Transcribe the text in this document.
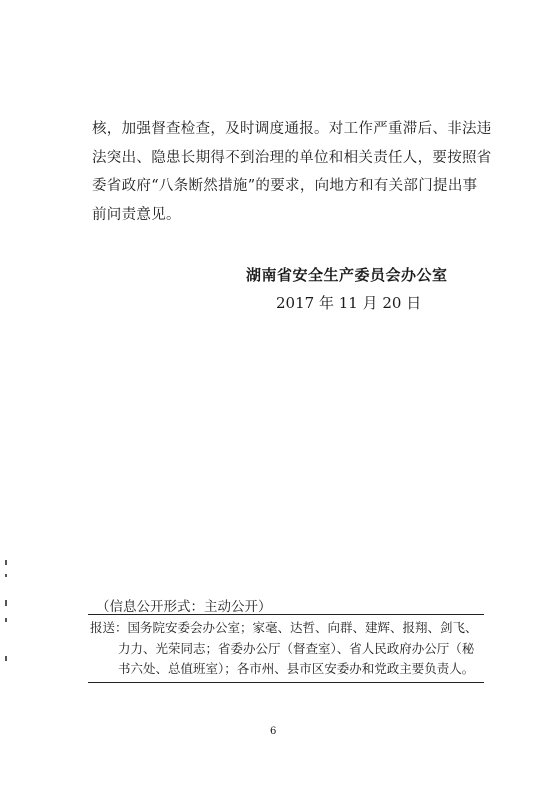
核，加强督查检查，及时调度通报。对工作严重滞后、非法违
法突出、隐患长期得不到治理的单位和相关责任人，要按照省
委省政府“八条断然措施”的要求，向地方和有关部门提出事
前问责意见。
湖南省安全生产委员会办公室
2017 年 11 月 20 日
（信息公开形式：主动公开）
报送：国务院安委会办公室；家毫、达哲、向群、建辉、报翔、剑飞、
力力、光荣同志；省委办公厅（督查室）、省人民政府办公厅（秘
书六处、总值班室）；各市州、县市区安委办和党政主要负责人。
6
